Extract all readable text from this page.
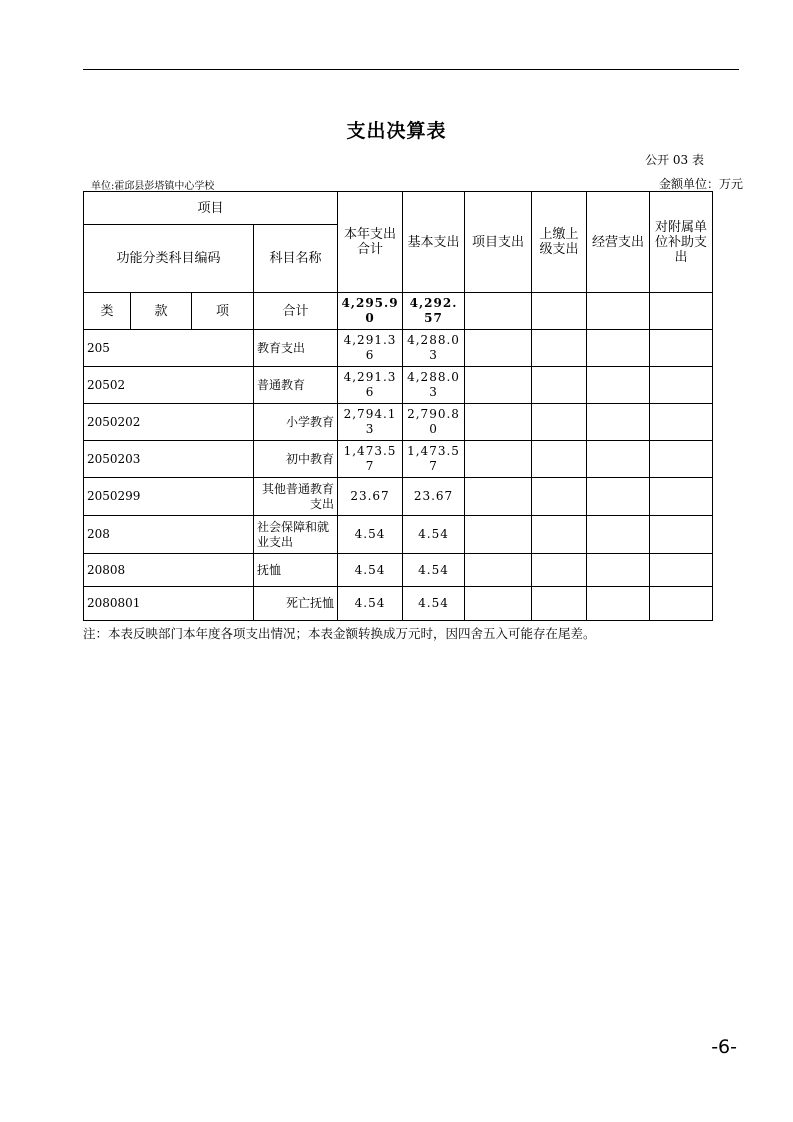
支出决算表
公开 03 表
单位:霍邱县彭塔镇中心学校	金额单位：万元
项目				本年支出合计	基本支出	项目支出	上缴上级支出	经营支出	对附属单位补助支出
功能分类科目编码			科目名称						
类	款	项	合计	4,295.90	4,292.57				
205			教育支出	4,291.36	4,288.03				
20502			普通教育	4,291.36	4,288.03				
2050202			小学教育	2,794.13	2,790.80				
2050203			初中教育	1,473.57	1,473.57				
2050299			其他普通教育支出	23.67	23.67				
208			社会保障和就业支出	4.54	4.54				
20808			抚恤	4.54	4.54				
2080801			死亡抚恤	4.54	4.54				
注：本表反映部门本年度各项支出情况；本表金额转换成万元时，因四舍五入可能存在尾差。
-6-
